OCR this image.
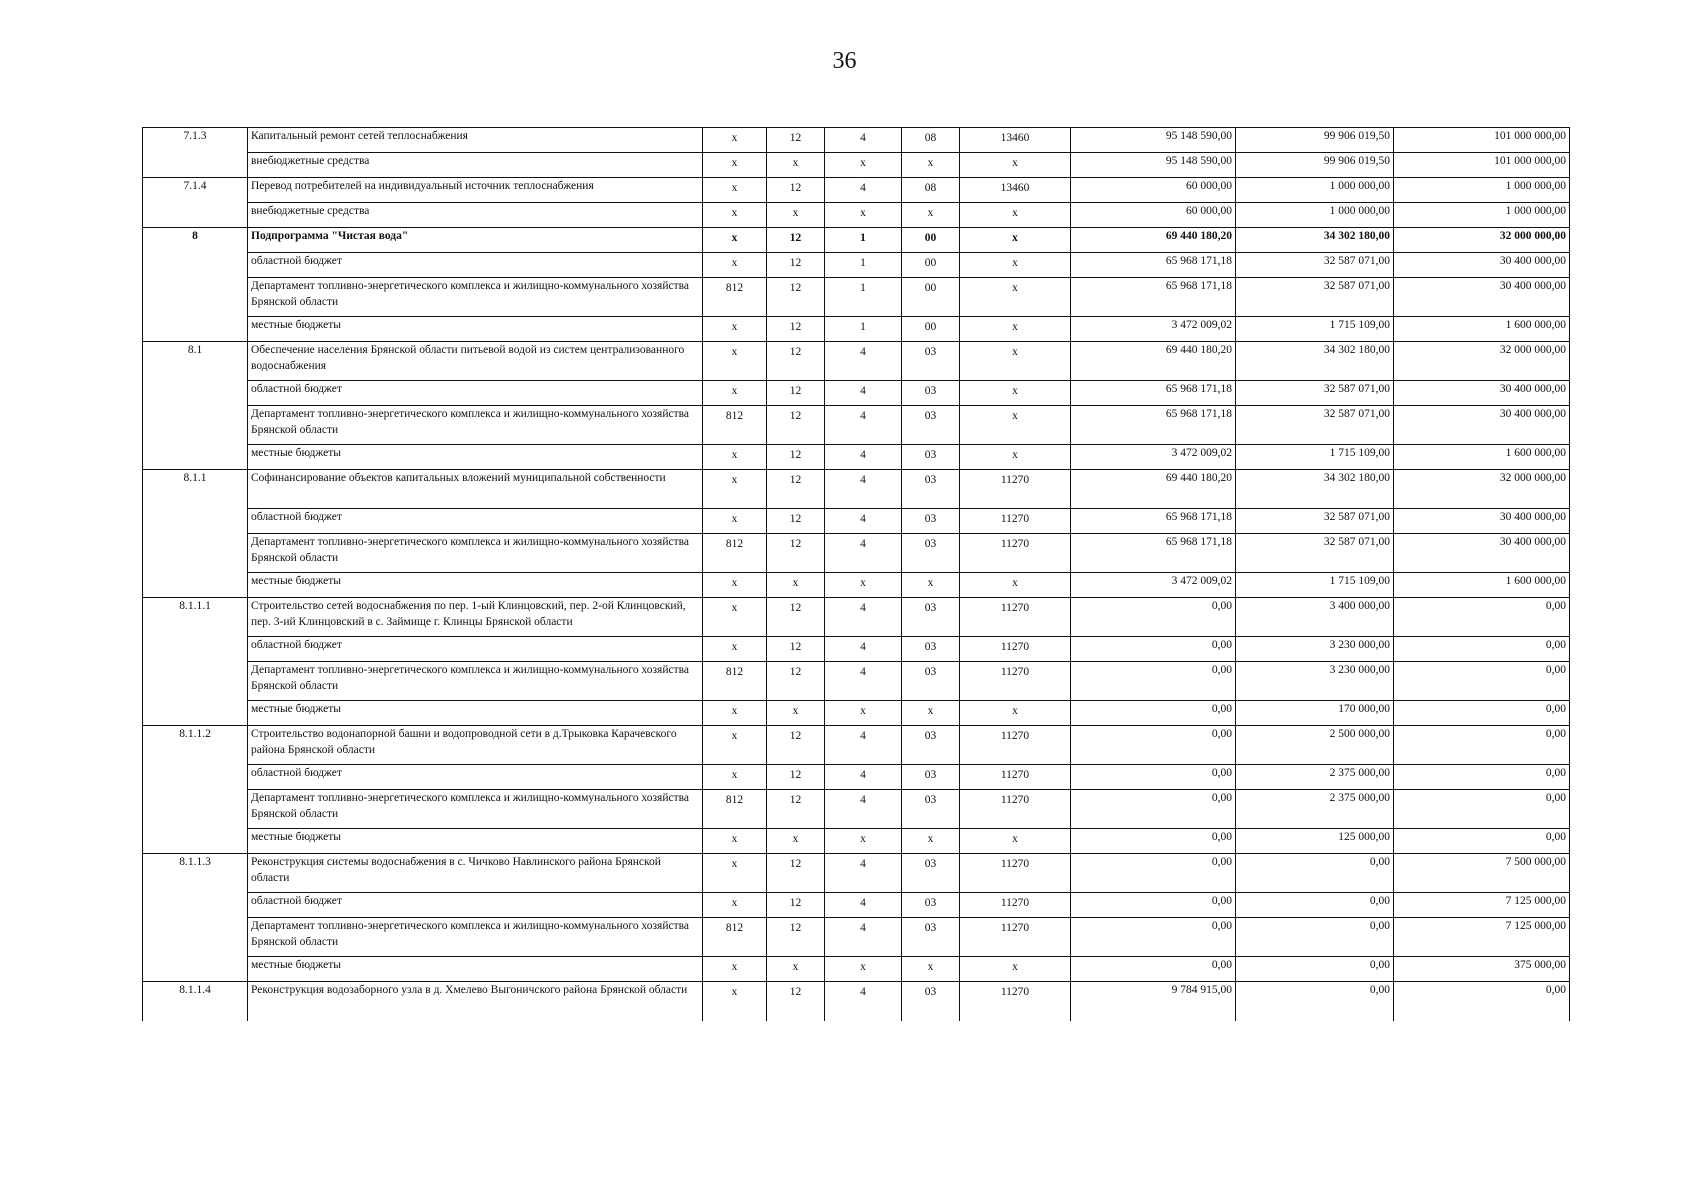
36
7.1.3	Капитальный ремонт сетей теплоснабжения	х	12	4	08	13460	95 148 590,00	99 906 019,50	101 000 000,00
	внебюджетные средства	х	х	х	х	х	95 148 590,00	99 906 019,50	101 000 000,00
7.1.4	Перевод потребителей на индивидуальный источник теплоснабжения	х	12	4	08	13460	60 000,00	1 000 000,00	1 000 000,00
	внебюджетные средства	х	х	х	х	х	60 000,00	1 000 000,00	1 000 000,00
8	Подпрограмма "Чистая вода"	х	12	1	00	х	69 440 180,20	34 302 180,00	32 000 000,00
	областной бюджет	х	12	1	00	х	65 968 171,18	32 587 071,00	30 400 000,00
	Департамент топливно-энергетического комплекса и жилищно-коммунального хозяйства Брянской области	812	12	1	00	х	65 968 171,18	32 587 071,00	30 400 000,00
	местные бюджеты	х	12	1	00	х	3 472 009,02	1 715 109,00	1 600 000,00
8.1	Обеспечение населения Брянской области питьевой водой из систем централизованного водоснабжения	х	12	4	03	х	69 440 180,20	34 302 180,00	32 000 000,00
	областной бюджет	х	12	4	03	х	65 968 171,18	32 587 071,00	30 400 000,00
	Департамент топливно-энергетического комплекса и жилищно-коммунального хозяйства Брянской области	812	12	4	03	х	65 968 171,18	32 587 071,00	30 400 000,00
	местные бюджеты	х	12	4	03	х	3 472 009,02	1 715 109,00	1 600 000,00
8.1.1	Софинансирование объектов капитальных вложений муниципальной собственности	х	12	4	03	11270	69 440 180,20	34 302 180,00	32 000 000,00
	областной бюджет	х	12	4	03	11270	65 968 171,18	32 587 071,00	30 400 000,00
	Департамент топливно-энергетического комплекса и жилищно-коммунального хозяйства Брянской области	812	12	4	03	11270	65 968 171,18	32 587 071,00	30 400 000,00
	местные бюджеты	х	х	х	х	х	3 472 009,02	1 715 109,00	1 600 000,00
8.1.1.1	Строительство сетей водоснабжения по пер. 1-ый Клинцовский, пер. 2-ой Клинцовский, пер. 3-ий Клинцовский в с. Займище г. Клинцы Брянской области	х	12	4	03	11270	0,00	3 400 000,00	0,00
	областной бюджет	х	12	4	03	11270	0,00	3 230 000,00	0,00
	Департамент топливно-энергетического комплекса и жилищно-коммунального хозяйства Брянской области	812	12	4	03	11270	0,00	3 230 000,00	0,00
	местные бюджеты	х	х	х	х	х	0,00	170 000,00	0,00
8.1.1.2	Строительство водонапорной башни и водопроводной сети в д.Трыковка Карачевского района Брянской области	х	12	4	03	11270	0,00	2 500 000,00	0,00
	областной бюджет	х	12	4	03	11270	0,00	2 375 000,00	0,00
	Департамент топливно-энергетического комплекса и жилищно-коммунального хозяйства Брянской области	812	12	4	03	11270	0,00	2 375 000,00	0,00
	местные бюджеты	х	х	х	х	х	0,00	125 000,00	0,00
8.1.1.3	Реконструкция системы водоснабжения в с. Чичково Навлинского района Брянской области	х	12	4	03	11270	0,00	0,00	7 500 000,00
	областной бюджет	х	12	4	03	11270	0,00	0,00	7 125 000,00
	Департамент топливно-энергетического комплекса и жилищно-коммунального хозяйства Брянской области	812	12	4	03	11270	0,00	0,00	7 125 000,00
	местные бюджеты	х	х	х	х	х	0,00	0,00	375 000,00
8.1.1.4	Реконструкция водозаборного узла в д. Хмелево Выгоничского района Брянской области	х	12	4	03	11270	9 784 915,00	0,00	0,00
